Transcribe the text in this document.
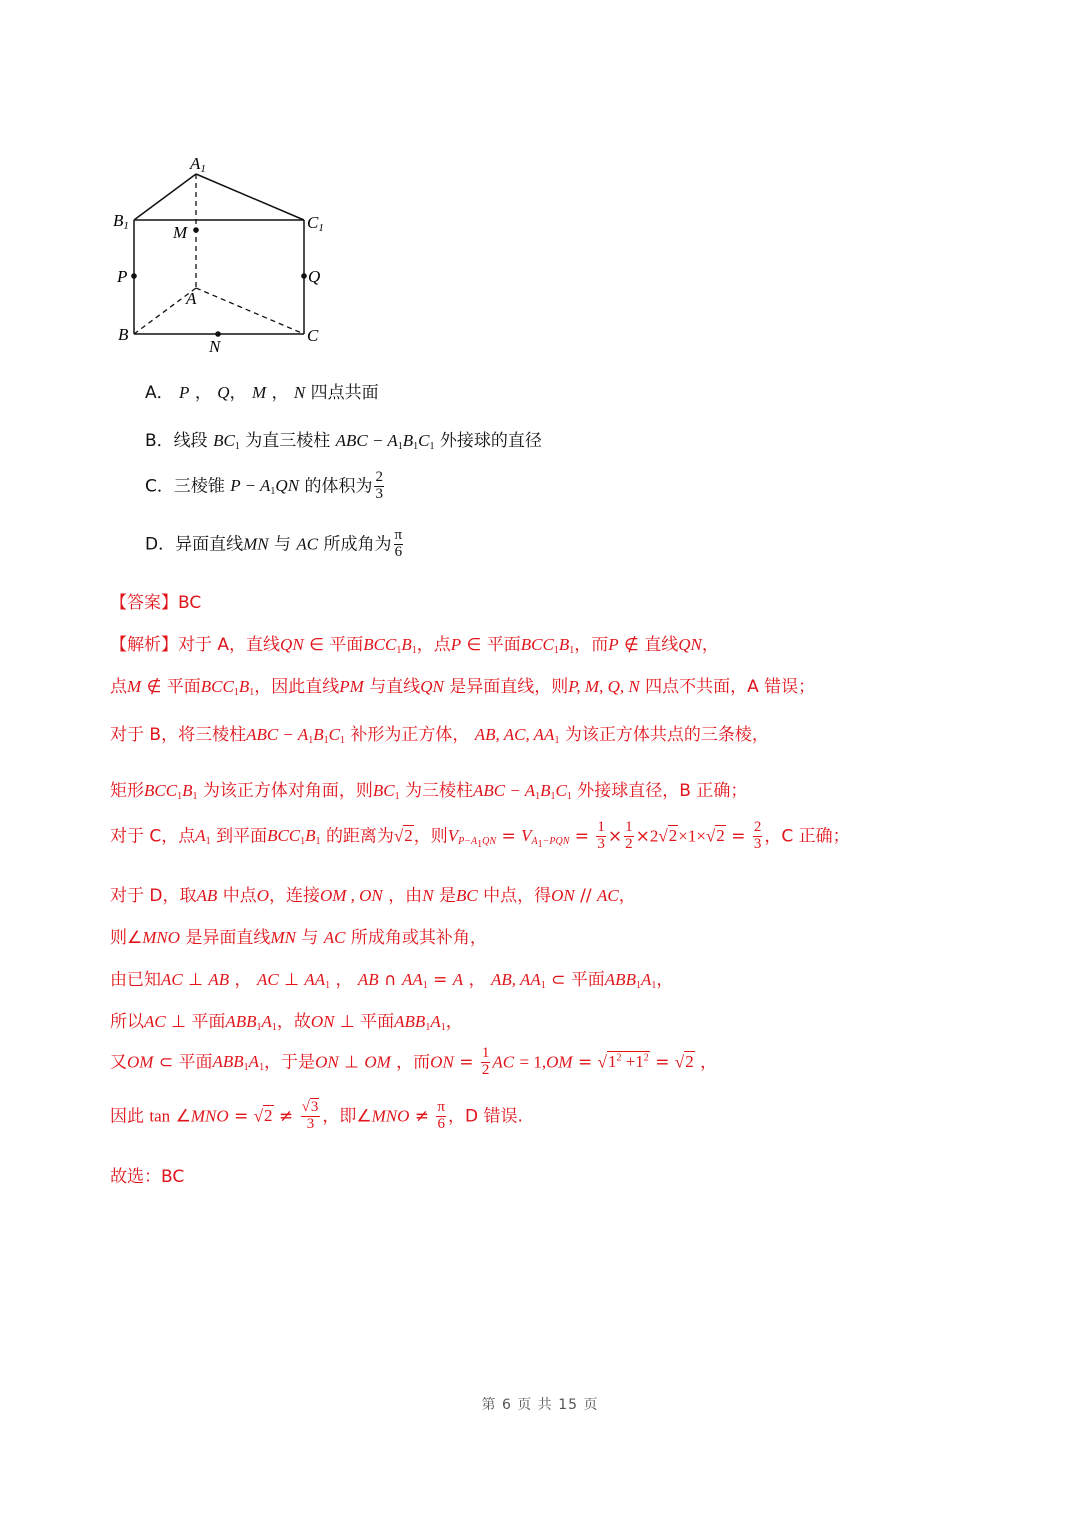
A1
B1	C1
M
P	Q
A
B	C
N
A． P ， Q， M ， N 四点共面
B．线段 $BC_1$ 为直三棱柱 ABC − $A_1B_1C_1$ 外接球的直径
C．三棱锥 $P - A_1QN$ 的体积为 $\frac{2}{3}$
D．异面直线MN 与 AC 所成角为 $\frac{\pi}{6}$
【答案】BC
【解析】对于 A，直线QN ∈ 平面$BCC_1B_1$，点P ∈ 平面$BCC_1B_1$，而P ∉ 直线QN，
点M ∉ 平面$BCC_1B_1$，因此直线PM 与直线QN 是异面直线，则P, M, Q, N 四点不共面，A 错误；
对于 B，将三棱柱ABC − $A_1B_1C_1$ 补形为正方体， AB, AC, $AA_1$ 为该正方体共点的三条棱，
矩形$BCC_1B_1$ 为该正方体对角面，则$BC_1$ 为三棱柱ABC − $A_1B_1C_1$ 外接球直径，B 正确；
对于 C，点$A_1$ 到平面$BCC_1B_1$ 的距离为√2，则$V_{P-A_1QN} = V_{A_1-PQN} = \frac{1}{3} \times \frac{1}{2} \times 2√2\times 1\times√2 = \frac{2}{3}$ ，C 正确；
对于 D，取AB 中点O，连接OM , ON ，由N 是BC 中点，得ON // AC，
则∠MNO 是异面直线MN 与 AC 所成角或其补角，
由已知AC ⊥ AB ， AC ⊥ $AA_1$ ， AB ∩ $AA_1 = A$ ， AB, $AA_1$ ⊂ 平面$ABB_1A_1$，
所以AC ⊥ 平面$ABB_1A_1$，故ON ⊥ 平面$ABB_1A_1$，
又OM ⊂ 平面$ABB_1A_1$，于是ON ⊥ OM ，而ON = $\frac{1}{2}$ AC = $1,OM = √1^2 +1^2 = √2$ ，
因此 tan ∠MNO = $√2 \ne \frac{√3}{3}$ ，即∠MNO ≠ $\frac{\pi}{6}$ ，D 错误.
故选：BC
第 6 页 共 15 页
